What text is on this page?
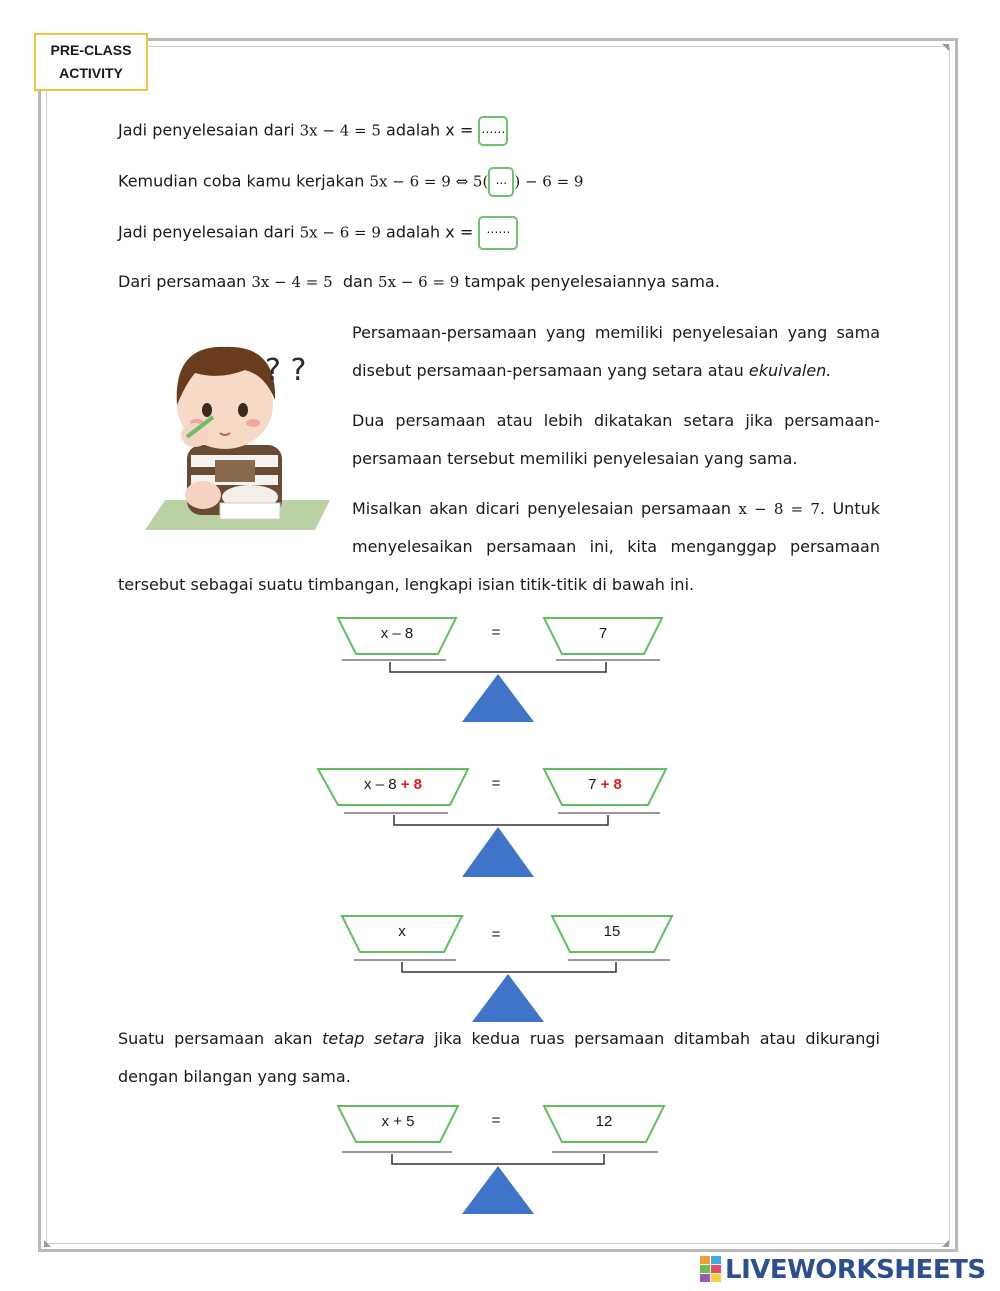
PRE-CLASS
ACTIVITY
Jadi penyelesaian dari 3x − 4 = 5 adalah x = ……
Kemudian coba kamu kerjakan 5x − 6 = 9 ⇔ 5( ... ) − 6 = 9
Jadi penyelesaian dari 5x − 6 = 9 adalah x = ……
Dari persamaan 3x − 4 = 5  dan 5x − 6 = 9 tampak penyelesaiannya sama.
? ?
Persamaan-persamaan yang memiliki penyelesaian yang sama
disebut persamaan-persamaan yang setara atau ekuivalen.
Dua persamaan atau lebih dikatakan setara jika persamaan-
persamaan tersebut memiliki penyelesaian yang sama.
Misalkan akan dicari penyelesaian persamaan x − 8 = 7. Untuk
menyelesaikan persamaan ini, kita menganggap persamaan
tersebut sebagai suatu timbangan, lengkapi isian titik-titik di bawah ini.
x – 8	=	7
x – 8 + 8	=	7 + 8
x	=	15
Suatu persamaan akan tetap setara jika kedua ruas persamaan ditambah atau dikurangi
dengan bilangan yang sama.
x + 5	=	12
LIVEWORKSHEETS
